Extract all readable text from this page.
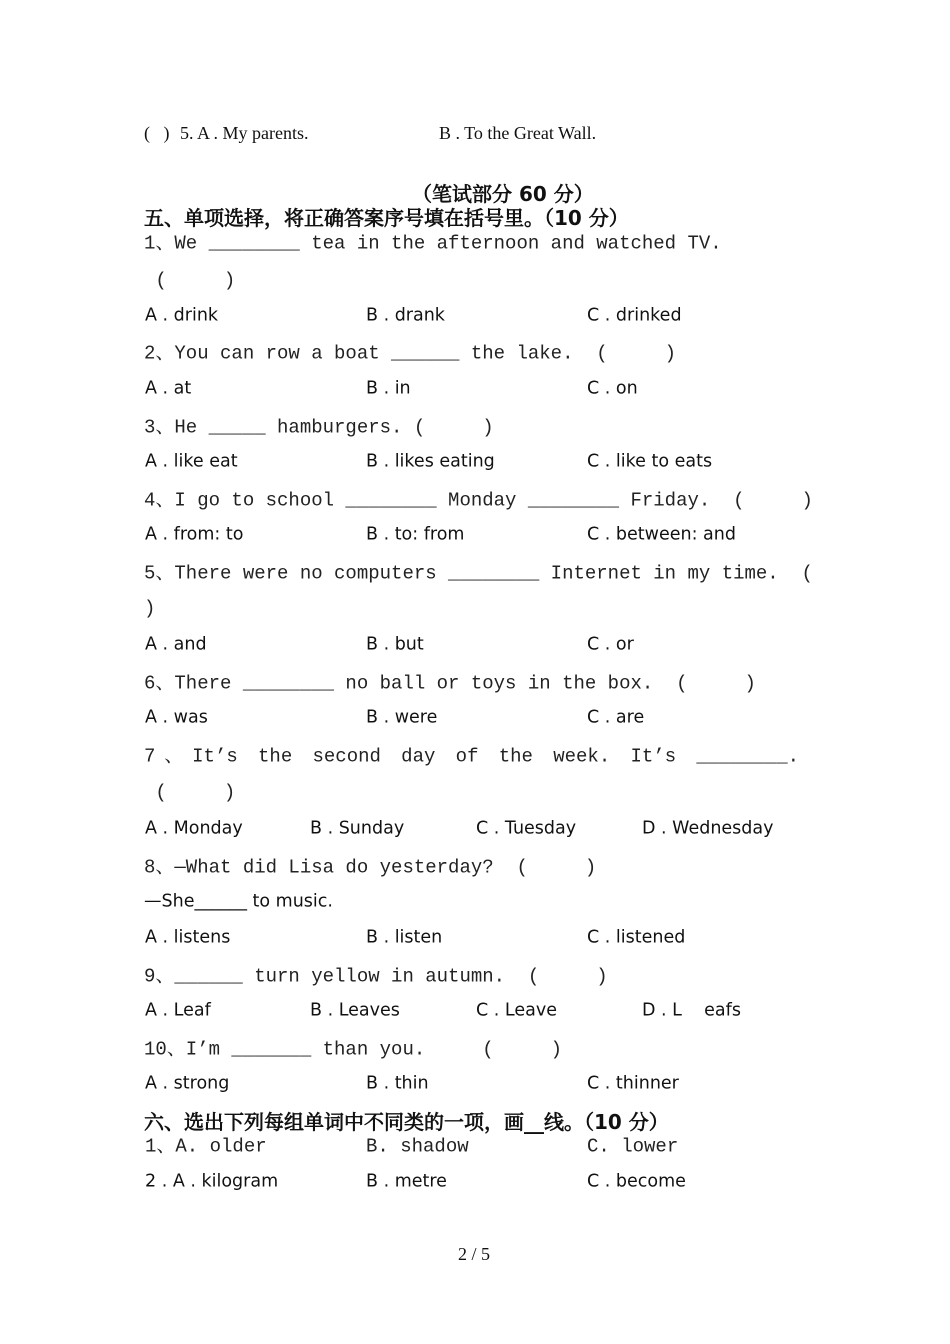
(   ) 5. A . My parents.	B . To the Great Wall.
（笔试部分 60 分）
五、单项选择，将正确答案序号填在括号里。（10 分）
六、选出下列每组单词中不同类的一项，画__线。（10 分）
2 / 5
1、We ________ tea in the afternoon and watched TV.
(     )
A . drink	B . drank	C . drinked
2、You can row a boat ______ the lake.  (     )
A . at	B . in	C . on
3、He _____ hamburgers. (     )
A . like eat	B . likes eating	C . like to eats
4、I go to school ________ Monday ________ Friday.  (     )
A . from: to	B . to: from	C . between: and
5、There were no computers ________ Internet in my time.  (
)
A . and	B . but	C . or
6、There ________ no ball or toys in the box.  (     )
A . was	B . were	C . are
7、It’s the second day of the week. It’s ________.
(     )
A . Monday	B . Sunday	C . Tuesday	D . Wednesday
8、—What did Lisa do yesterday?  (     )
—She______ to music.
A . listens	B . listen	C . listened
9、______ turn yellow in autumn.  (     )
A . Leaf	B . Leaves	C . Leave	D . L    eafs
10、I’m _______ than you.     (     )
A . strong	B . thin	C . thinner
1、A. older	B. shadow	C. lower
2 . A . kilogram	B . metre	C . become
